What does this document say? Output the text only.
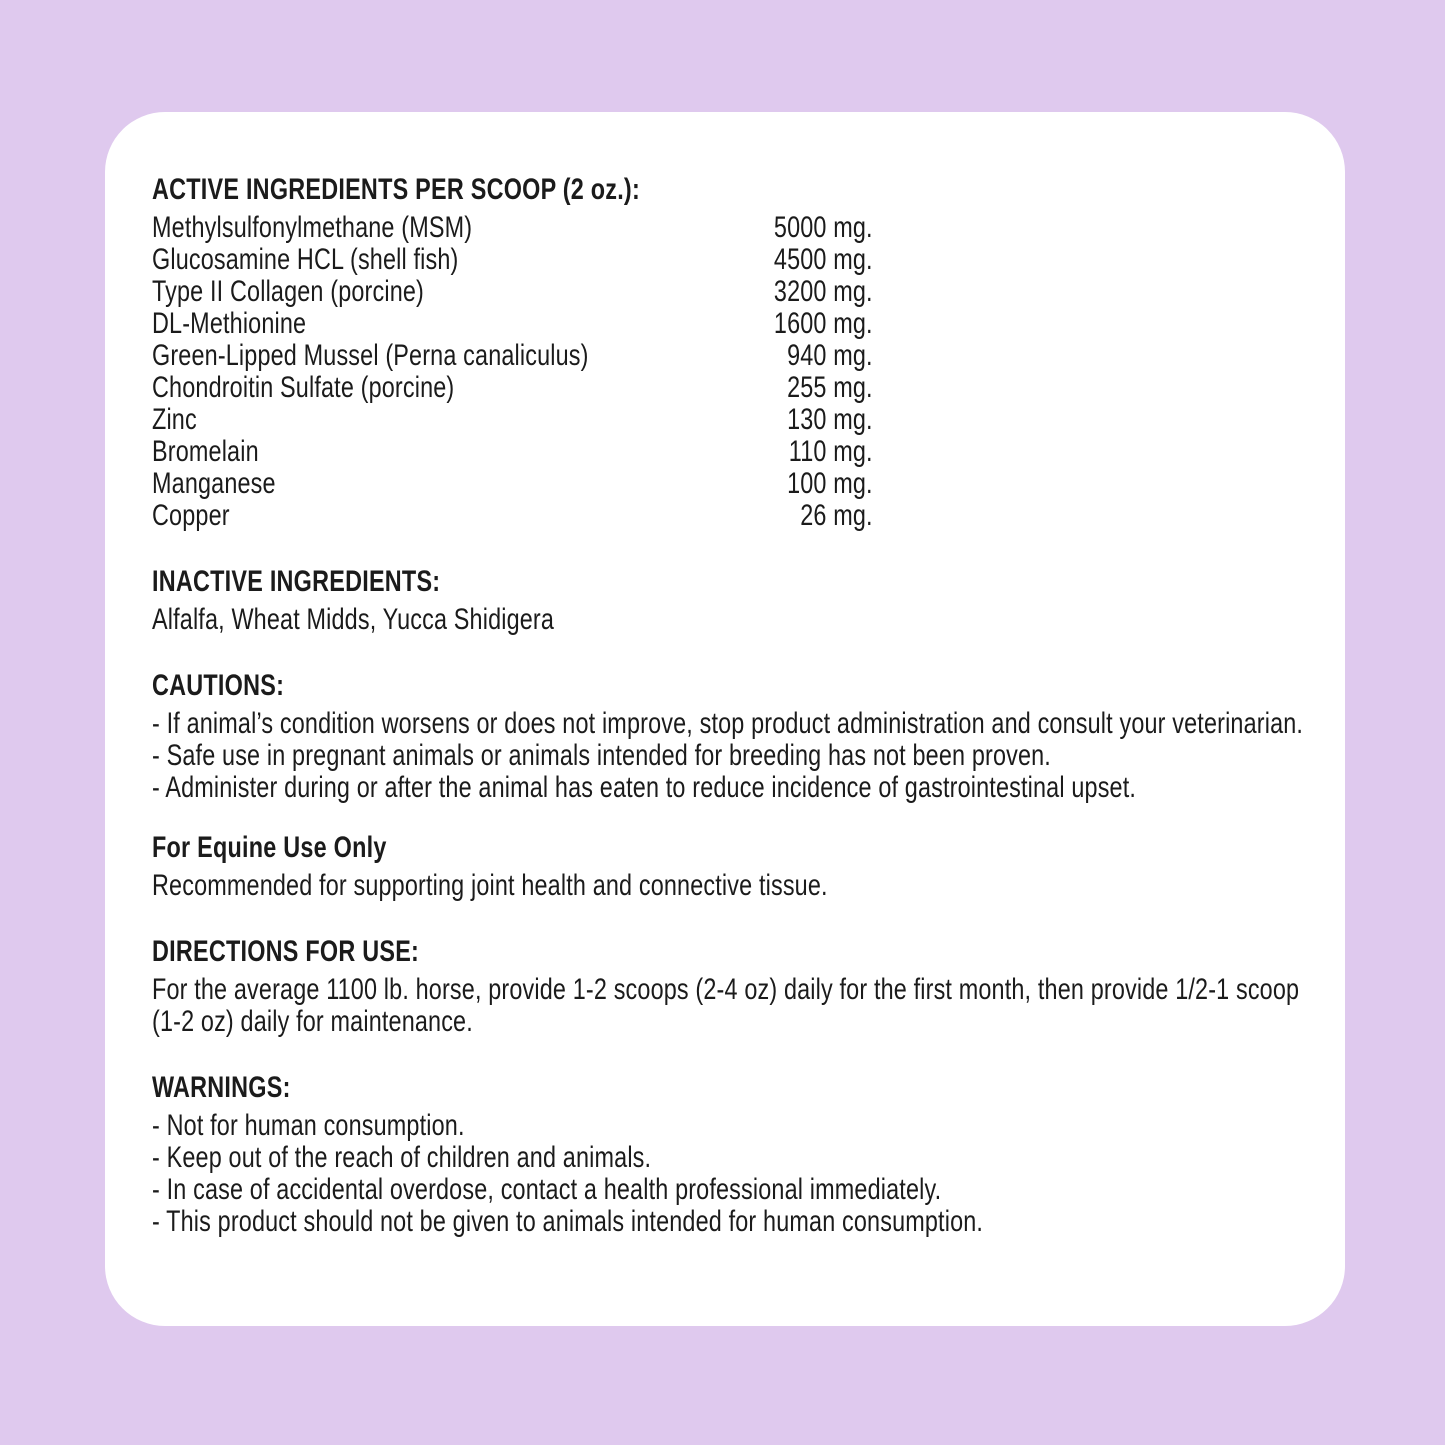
ACTIVE INGREDIENTS PER SCOOP (2 oz.):
Methylsulfonylmethane (MSM)	5000 mg.
Glucosamine HCL (shell fish)	4500 mg.
Type II Collagen (porcine)	3200 mg.
DL-Methionine	1600 mg.
Green-Lipped Mussel (Perna canaliculus)	940 mg.
Chondroitin Sulfate (porcine)	255 mg.
Zinc	130 mg.
Bromelain	110 mg.
Manganese	100 mg.
Copper	26 mg.
INACTIVE INGREDIENTS:
Alfalfa, Wheat Midds, Yucca Shidigera
CAUTIONS:
- If animal’s condition worsens or does not improve, stop product administration and consult your veterinarian.
- Safe use in pregnant animals or animals intended for breeding has not been proven.
- Administer during or after the animal has eaten to reduce incidence of gastrointestinal upset.
For Equine Use Only
Recommended for supporting joint health and connective tissue.
DIRECTIONS FOR USE:
For the average 1100 lb. horse, provide 1-2 scoops (2-4 oz) daily for the first month, then provide 1/2-1 scoop (1-2 oz) daily for maintenance.
WARNINGS:
- Not for human consumption.
- Keep out of the reach of children and animals.
- In case of accidental overdose, contact a health professional immediately.
- This product should not be given to animals intended for human consumption.
